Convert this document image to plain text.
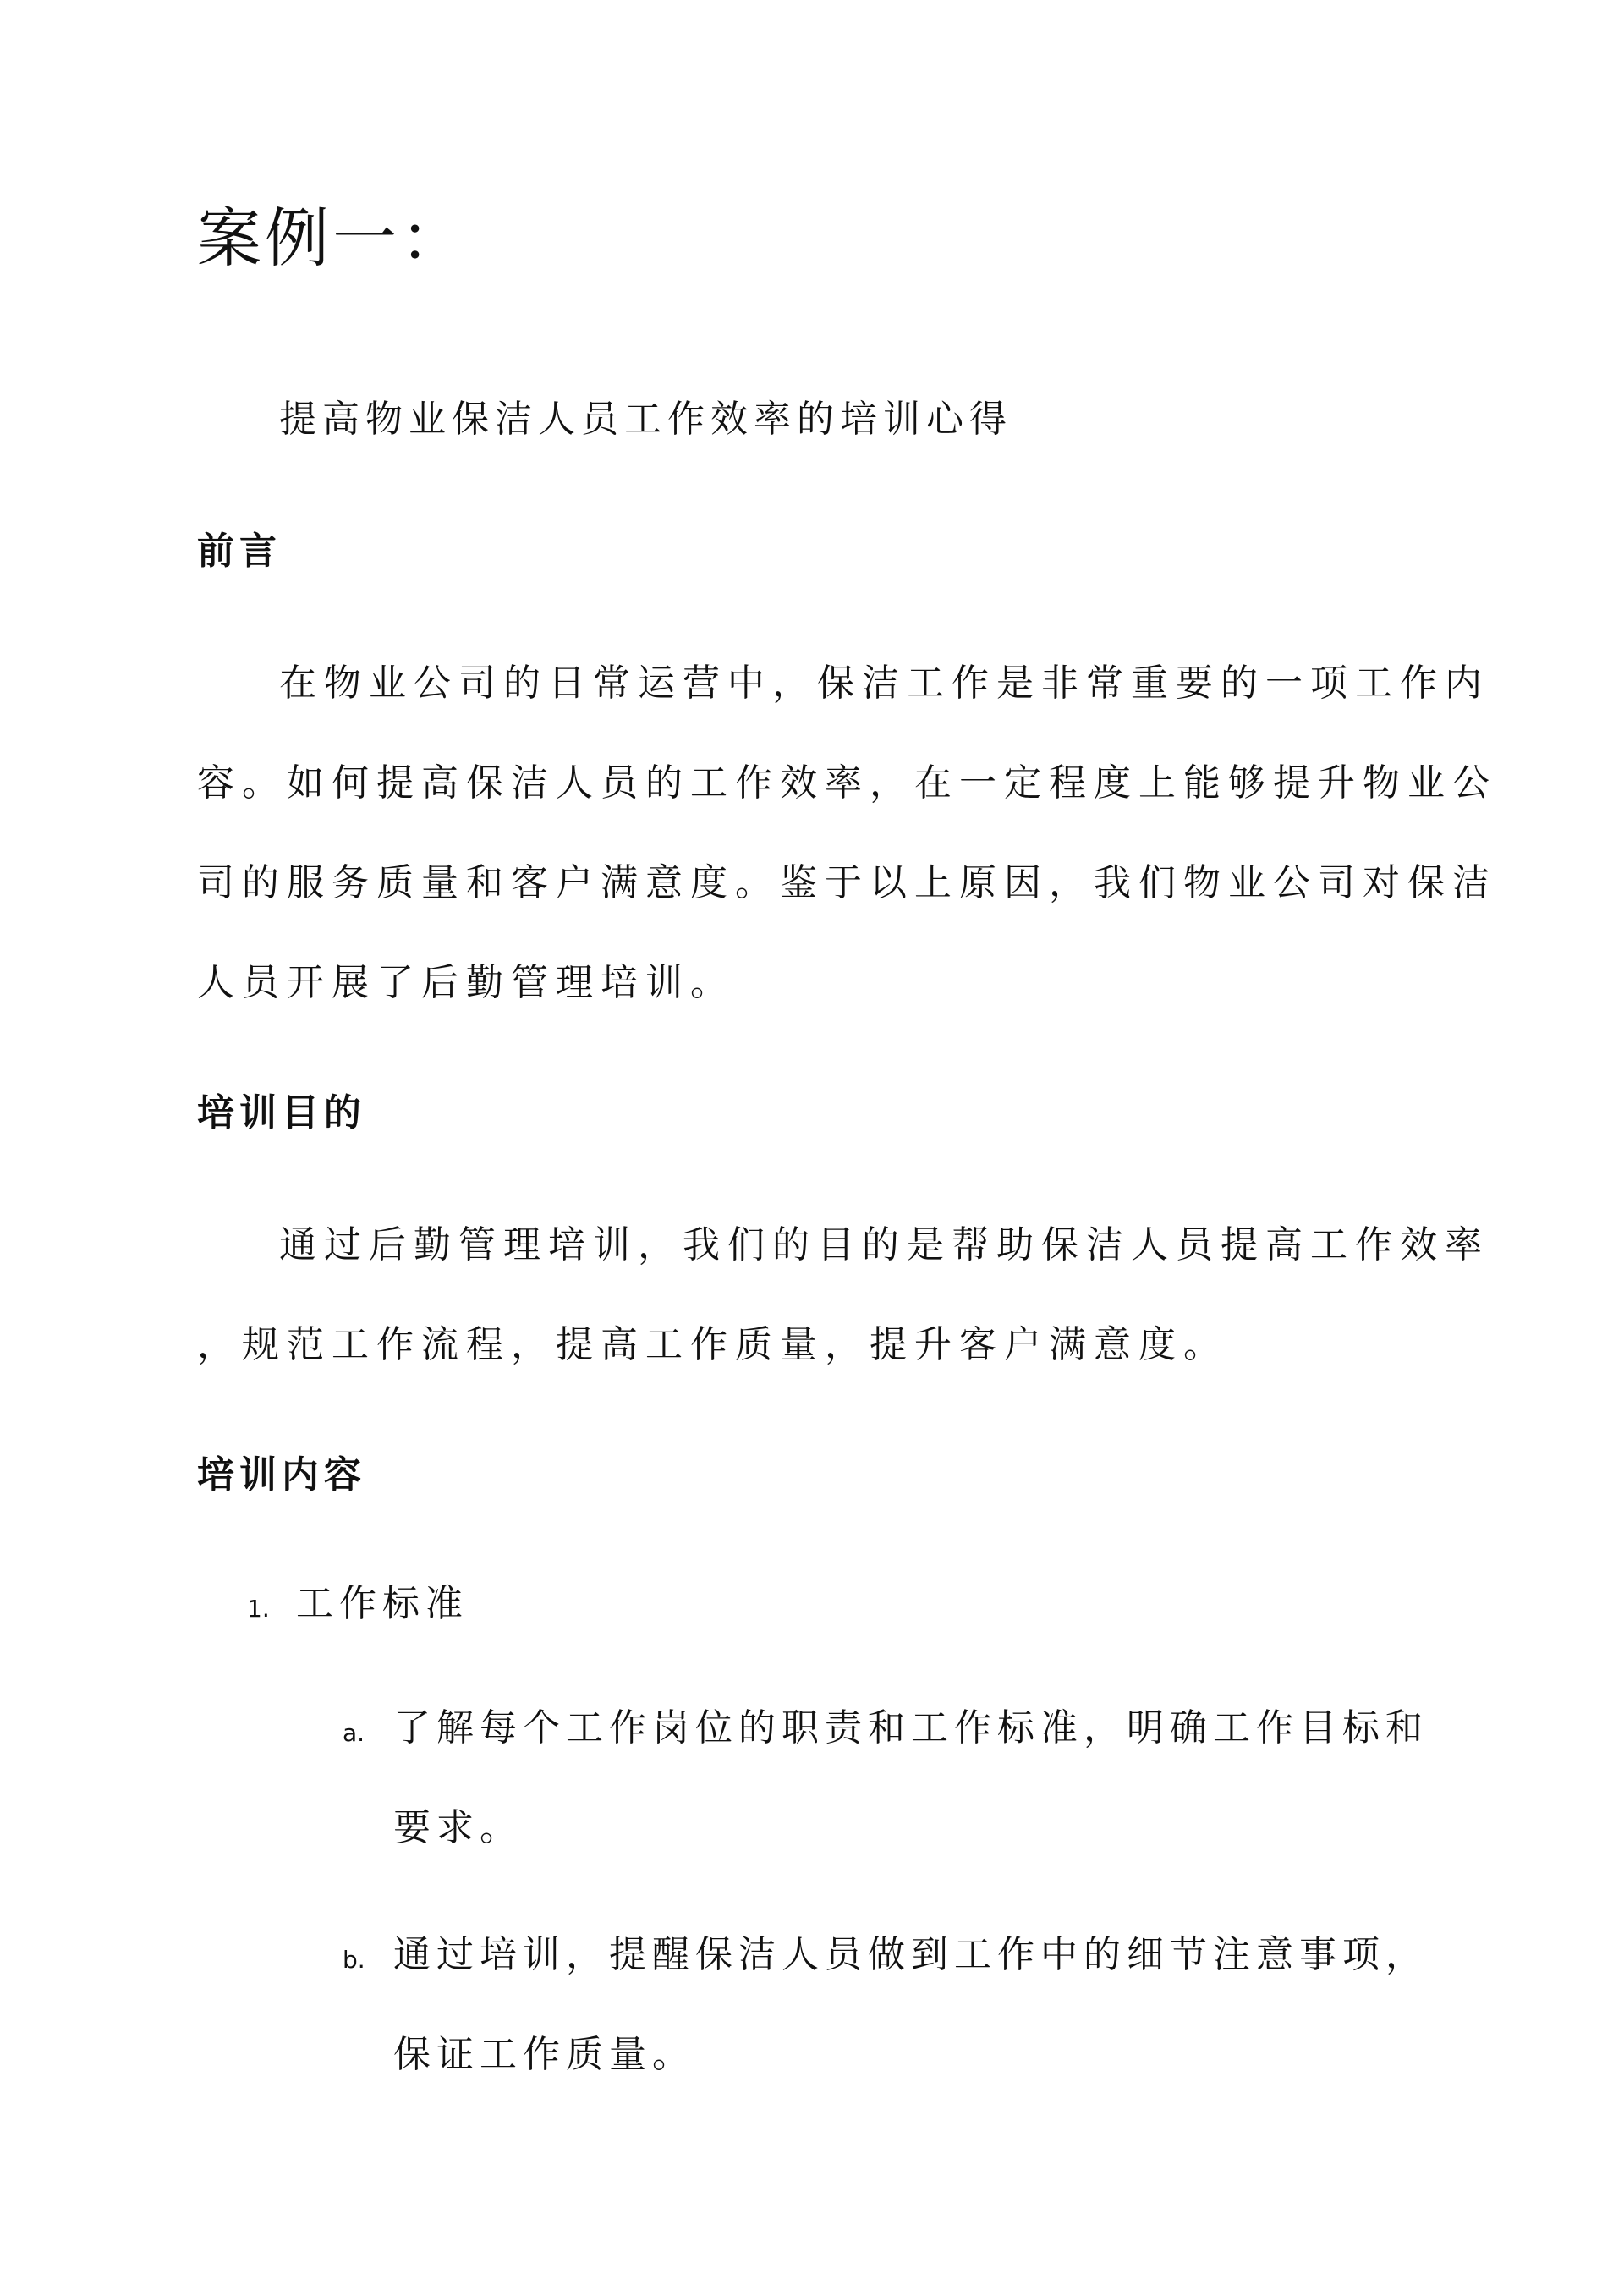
案例一：
提高物业保洁人员工作效率的培训心得
前言
在物业公司的日常运营中，保洁工作是非常重要的一项工作内
容。如何提高保洁人员的工作效率，在一定程度上能够提升物业公
司的服务质量和客户满意度。鉴于以上原因，我们物业公司对保洁
人员开展了后勤管理培训。
培训目的
通过后勤管理培训，我们的目的是帮助保洁人员提高工作效率
，规范工作流程，提高工作质量，提升客户满意度。
培训内容
1. 工作标准
a. 了解每个工作岗位的职责和工作标准，明确工作目标和
要求。
b. 通过培训，提醒保洁人员做到工作中的细节注意事项，
保证工作质量。
